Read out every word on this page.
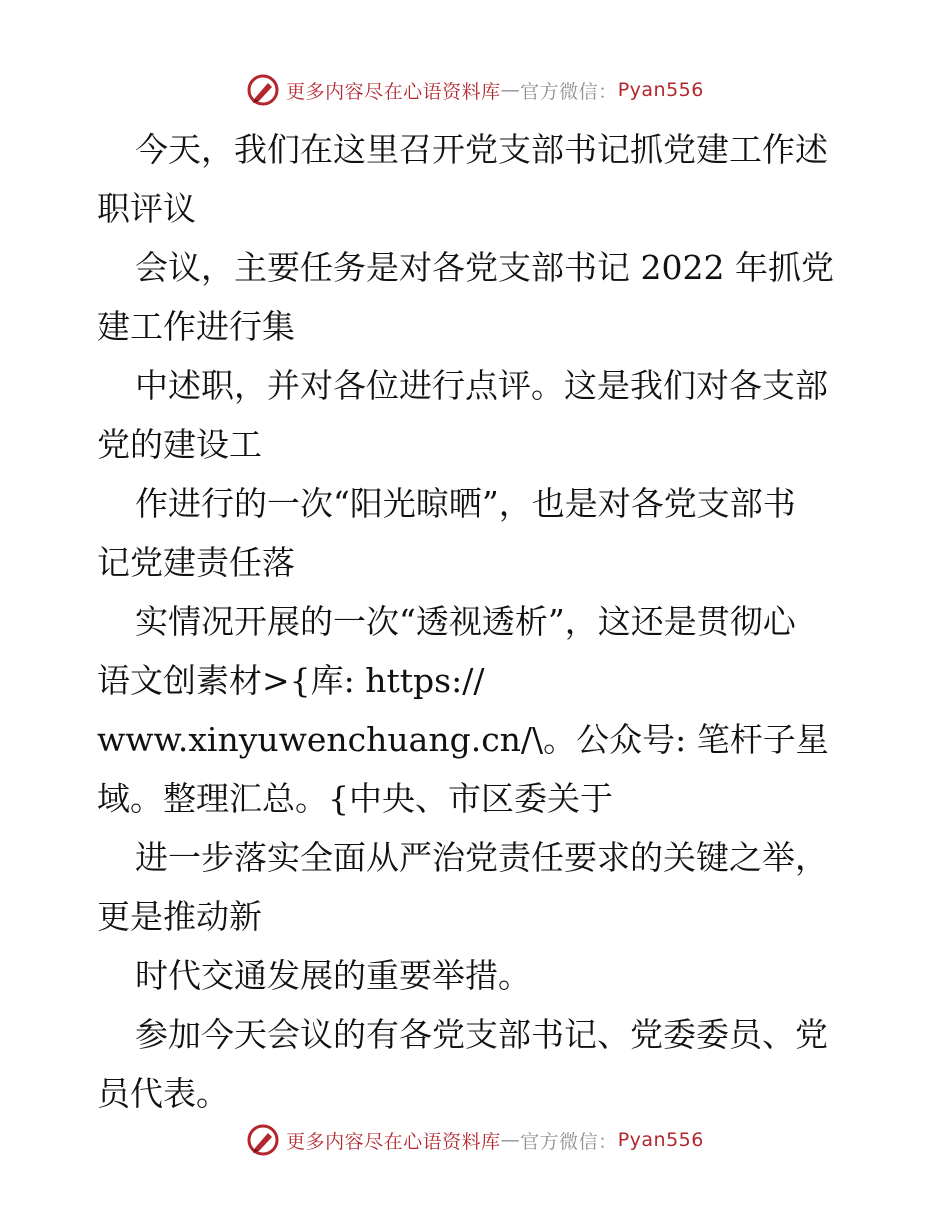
更多内容尽在心语资料库 — 官方微信： Pyan556
今天，我们在这里召开党支部书记抓党建工作述
职评议
会议，主要任务是对各党支部书记 2022 年抓党
建工作进行集
中述职，并对各位进行点评。这是我们对各支部
党的建设工
作进行的一次“阳光晾晒”，也是对各党支部书
记党建责任落
实情况开展的一次“透视透析”，这还是贯彻心
语文创素材>{库: https://
www.xinyuwenchuang.cn/\。公众号: 笔杆子星
域。整理汇总。{中央、市区委关于
进一步落实全面从严治党责任要求的关键之举，
更是推动新
时代交通发展的重要举措。
参加今天会议的有各党支部书记、党委委员、党
员代表。
更多内容尽在心语资料库 — 官方微信： Pyan556
